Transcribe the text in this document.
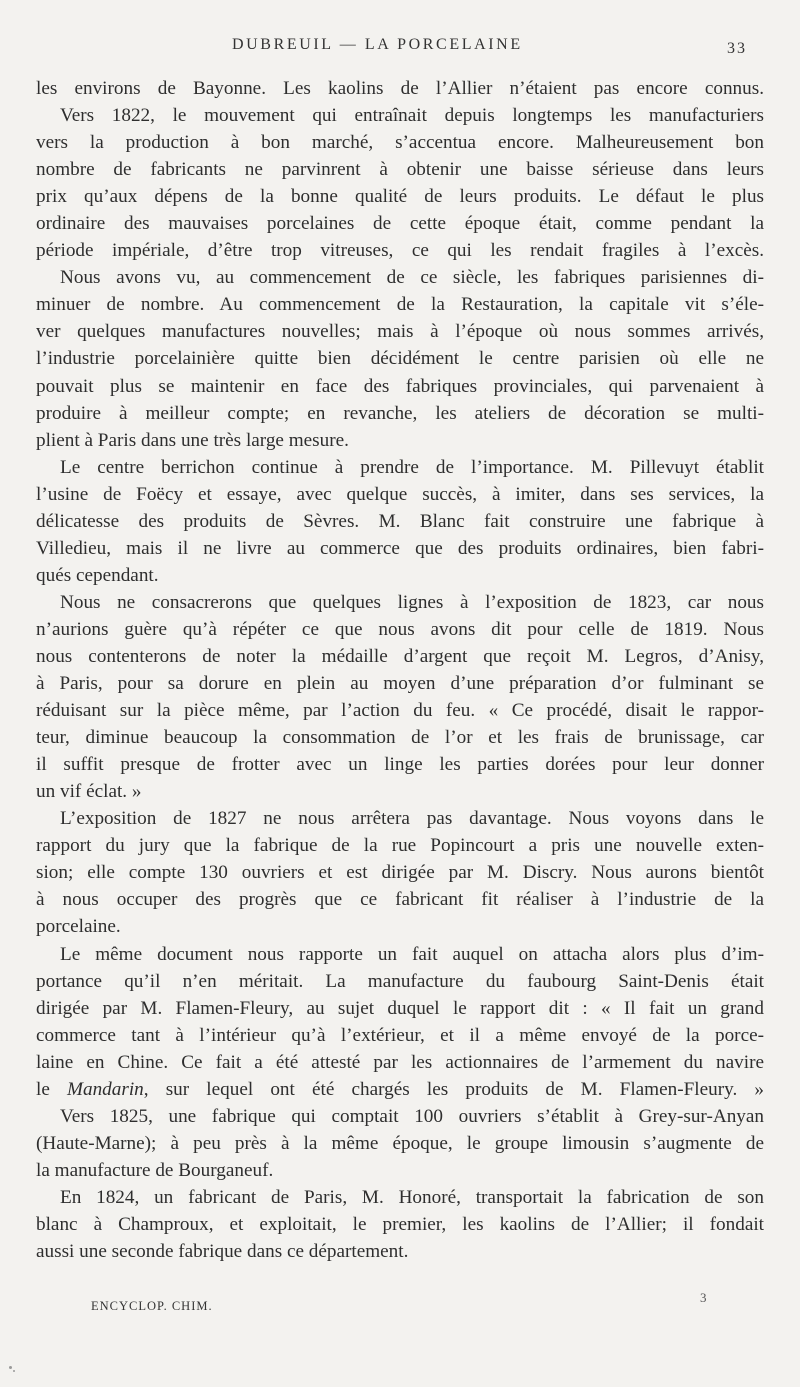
DUBREUIL — LA PORCELAINE	33
les environs de Bayonne. Les kaolins de l’Allier n’étaient pas encore connus.
Vers 1822, le mouvement qui entraînait depuis longtemps les manufacturiers
vers la production à bon marché, s’accentua encore. Malheureusement bon
nombre de fabricants ne parvinrent à obtenir une baisse sérieuse dans leurs
prix qu’aux dépens de la bonne qualité de leurs produits. Le défaut le plus
ordinaire des mauvaises porcelaines de cette époque était, comme pendant la
période impériale, d’être trop vitreuses, ce qui les rendait fragiles à l’excès.
Nous avons vu, au commencement de ce siècle, les fabriques parisiennes di-
minuer de nombre. Au commencement de la Restauration, la capitale vit s’éle-
ver quelques manufactures nouvelles; mais à l’époque où nous sommes arrivés,
l’industrie porcelainière quitte bien décidément le centre parisien où elle ne
pouvait plus se maintenir en face des fabriques provinciales, qui parvenaient à
produire à meilleur compte; en revanche, les ateliers de décoration se multi-
plient à Paris dans une très large mesure.
Le centre berrichon continue à prendre de l’importance. M. Pillevuyt établit
l’usine de Foëcy et essaye, avec quelque succès, à imiter, dans ses services, la
délicatesse des produits de Sèvres. M. Blanc fait construire une fabrique à
Villedieu, mais il ne livre au commerce que des produits ordinaires, bien fabri-
qués cependant.
Nous ne consacrerons que quelques lignes à l’exposition de 1823, car nous
n’aurions guère qu’à répéter ce que nous avons dit pour celle de 1819. Nous
nous contenterons de noter la médaille d’argent que reçoit M. Legros, d’Anisy,
à Paris, pour sa dorure en plein au moyen d’une préparation d’or fulminant se
réduisant sur la pièce même, par l’action du feu. « Ce procédé, disait le rappor-
teur, diminue beaucoup la consommation de l’or et les frais de brunissage, car
il suffit presque de frotter avec un linge les parties dorées pour leur donner
un vif éclat. »
L’exposition de 1827 ne nous arrêtera pas davantage. Nous voyons dans le
rapport du jury que la fabrique de la rue Popincourt a pris une nouvelle exten-
sion; elle compte 130 ouvriers et est dirigée par M. Discry. Nous aurons bientôt
à nous occuper des progrès que ce fabricant fit réaliser à l’industrie de la
porcelaine.
Le même document nous rapporte un fait auquel on attacha alors plus d’im-
portance qu’il n’en méritait. La manufacture du faubourg Saint-Denis était
dirigée par M. Flamen-Fleury, au sujet duquel le rapport dit : « Il fait un grand
commerce tant à l’intérieur qu’à l’extérieur, et il a même envoyé de la porce-
laine en Chine. Ce fait a été attesté par les actionnaires de l’armement du navire
le Mandarin, sur lequel ont été chargés les produits de M. Flamen-Fleury. »
Vers 1825, une fabrique qui comptait 100 ouvriers s’établit à Grey-sur-Anyan
(Haute-Marne); à peu près à la même époque, le groupe limousin s’augmente de
la manufacture de Bourganeuf.
En 1824, un fabricant de Paris, M. Honoré, transportait la fabrication de son
blanc à Champroux, et exploitait, le premier, les kaolins de l’Allier; il fondait
aussi une seconde fabrique dans ce département.
ENCYCLOP. CHIM.
3
